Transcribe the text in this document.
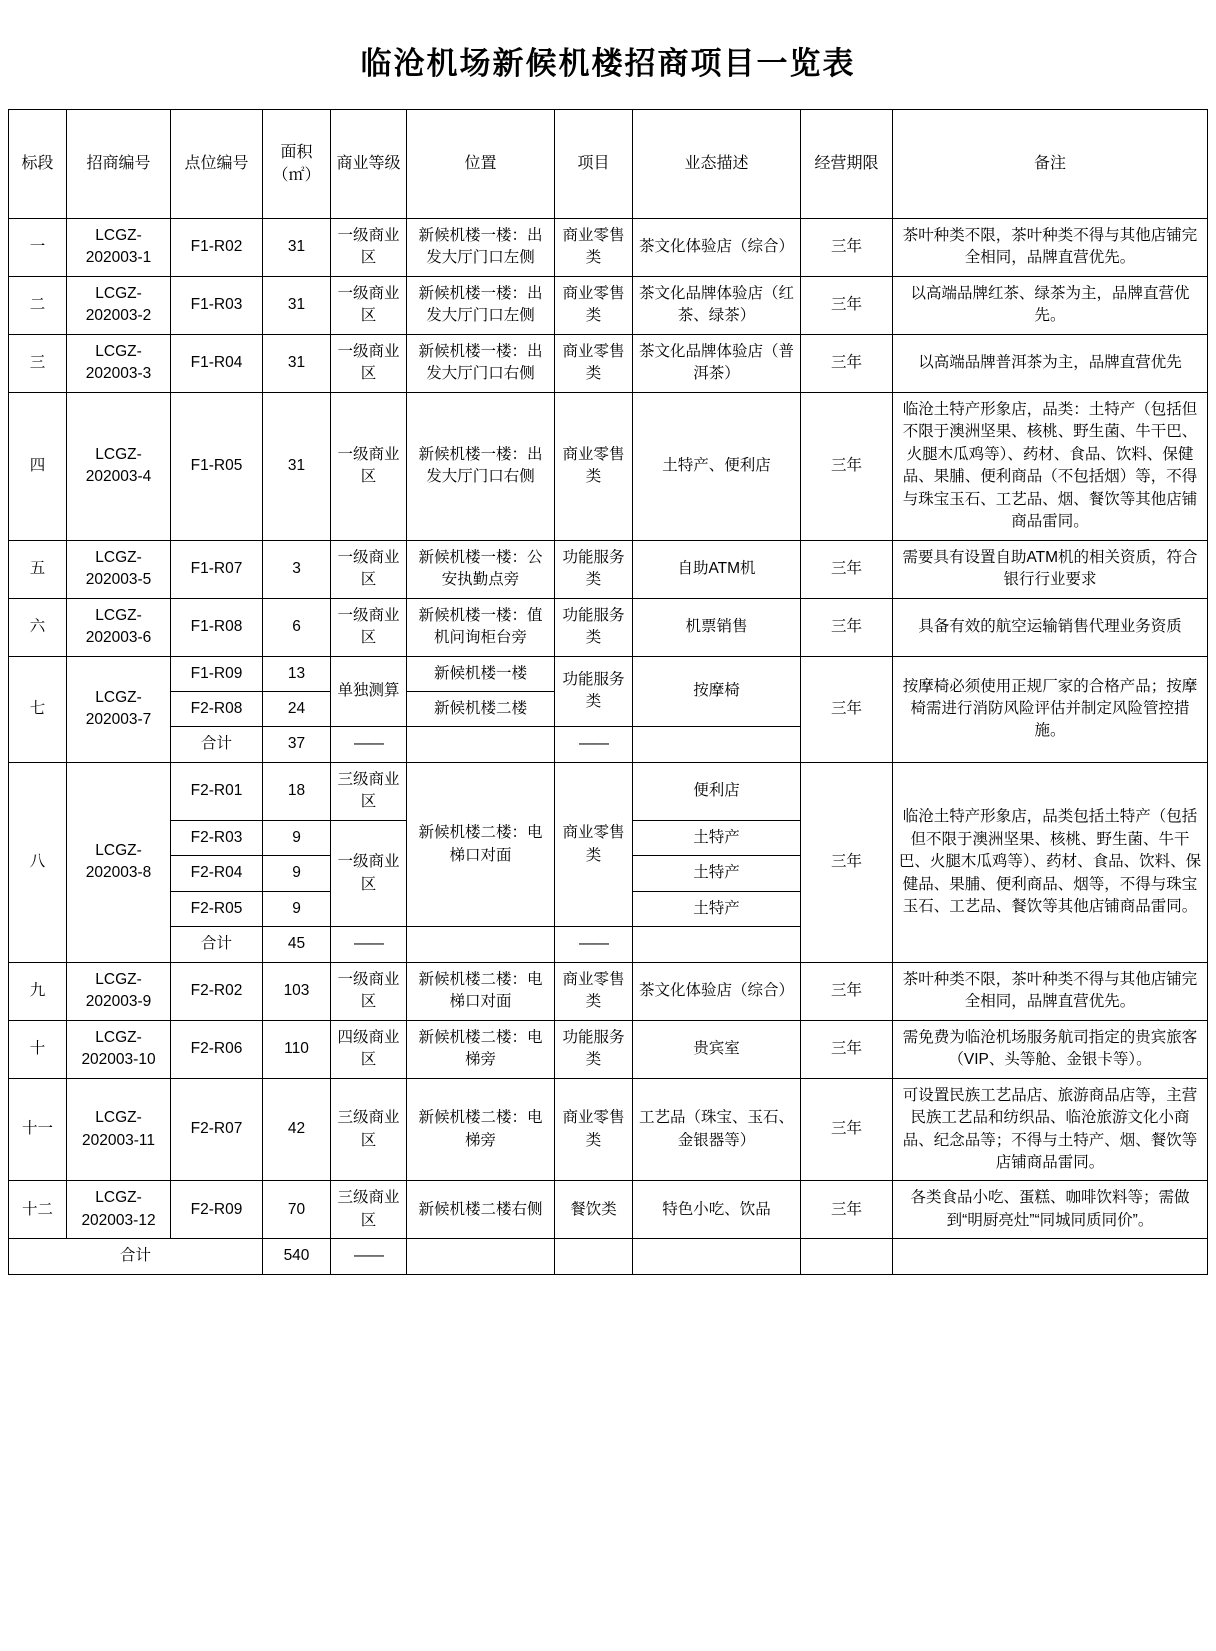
临沧机场新候机楼招商项目一览表
标段	招商编号	点位编号	面积（㎡）	商业等级	位置	项目	业态描述	经营期限	备注
一	LCGZ-202003-1	F1-R02	31	一级商业区	新候机楼一楼：出发大厅门口左侧	商业零售类	茶文化体验店（综合）	三年	茶叶种类不限，茶叶种类不得与其他店铺完全相同，品牌直营优先。
二	LCGZ-202003-2	F1-R03	31	一级商业区	新候机楼一楼：出发大厅门口左侧	商业零售类	茶文化品牌体验店（红茶、绿茶）	三年	以高端品牌红茶、绿茶为主，品牌直营优先。
三	LCGZ-202003-3	F1-R04	31	一级商业区	新候机楼一楼：出发大厅门口右侧	商业零售类	茶文化品牌体验店（普洱茶）	三年	以高端品牌普洱茶为主，品牌直营优先
四	LCGZ-202003-4	F1-R05	31	一级商业区	新候机楼一楼：出发大厅门口右侧	商业零售类	土特产、便利店	三年	临沧土特产形象店，品类：土特产（包括但不限于澳洲坚果、核桃、野生菌、牛干巴、火腿木瓜鸡等）、药材、食品、饮料、保健品、果脯、便利商品（不包括烟）等，不得与珠宝玉石、工艺品、烟、餐饮等其他店铺商品雷同。
五	LCGZ-202003-5	F1-R07	3	一级商业区	新候机楼一楼：公安执勤点旁	功能服务类	自助ATM机	三年	需要具有设置自助ATM机的相关资质，符合银行行业要求
六	LCGZ-202003-6	F1-R08	6	一级商业区	新候机楼一楼：值机问询柜台旁	功能服务类	机票销售	三年	具备有效的航空运输销售代理业务资质
七	LCGZ-202003-7	F1-R09	13	单独测算	新候机楼一楼	功能服务类	按摩椅	三年	按摩椅必须使用正规厂家的合格产品；按摩椅需进行消防风险评估并制定风险管控措施。
		F2-R08	24		新候机楼二楼				
		合计	37	——		——			
八	LCGZ-202003-8	F2-R01	18	三级商业区	新候机楼二楼：电梯口对面	商业零售类	便利店	三年	临沧土特产形象店，品类包括土特产（包括但不限于澳洲坚果、核桃、野生菌、牛干巴、火腿木瓜鸡等）、药材、食品、饮料、保健品、果脯、便利商品、烟等，不得与珠宝玉石、工艺品、餐饮等其他店铺商品雷同。
		F2-R03	9	一级商业区			土特产		
		F2-R04	9				土特产		
		F2-R05	9				土特产		
		合计	45	——		——			
九	LCGZ-202003-9	F2-R02	103	一级商业区	新候机楼二楼：电梯口对面	商业零售类	茶文化体验店（综合）	三年	茶叶种类不限，茶叶种类不得与其他店铺完全相同，品牌直营优先。
十	LCGZ-202003-10	F2-R06	110	四级商业区	新候机楼二楼：电梯旁	功能服务类	贵宾室	三年	需免费为临沧机场服务航司指定的贵宾旅客（VIP、头等舱、金银卡等）。
十一	LCGZ-202003-11	F2-R07	42	三级商业区	新候机楼二楼：电梯旁	商业零售类	工艺品（珠宝、玉石、金银器等）	三年	可设置民族工艺品店、旅游商品店等，主营民族工艺品和纺织品、临沧旅游文化小商品、纪念品等；不得与土特产、烟、餐饮等店铺商品雷同。
十二	LCGZ-202003-12	F2-R09	70	三级商业区	新候机楼二楼右侧	餐饮类	特色小吃、饮品	三年	各类食品小吃、蛋糕、咖啡饮料等；需做到“明厨亮灶”“同城同质同价”。
合计			540	——					
